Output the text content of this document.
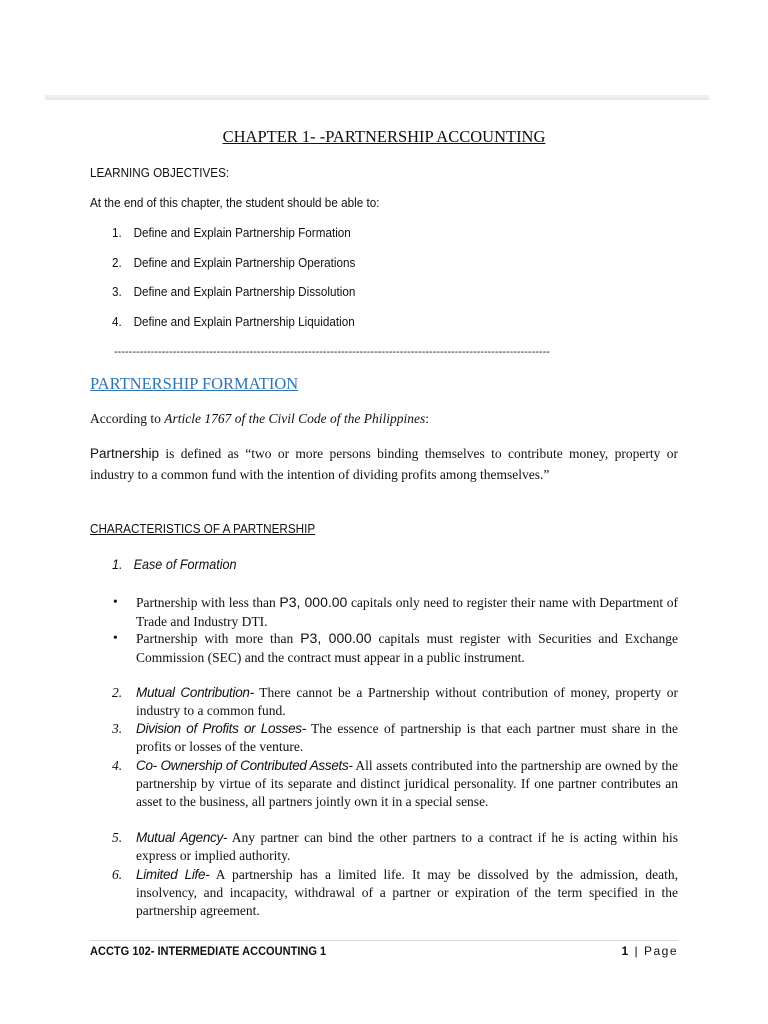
CHAPTER 1- -PARTNERSHIP ACCOUNTING
LEARNING OBJECTIVES:
At the end of this chapter, the student should be able to:
1. Define and Explain Partnership Formation
2. Define and Explain Partnership Operations
3. Define and Explain Partnership Dissolution
4. Define and Explain Partnership Liquidation
-----------------------------------------------------------------------------------------------------------------------
PARTNERSHIP FORMATION
According to Article 1767 of the Civil Code of the Philippines:
Partnership is defined as “two or more persons binding themselves to contribute money, property or industry to a common fund with the intention of dividing profits among themselves.”
CHARACTERISTICS OF A PARTNERSHIP
1. Ease of Formation
• Partnership with less than P3, 000.00 capitals only need to register their name with Department of Trade and Industry DTI.
• Partnership with more than P3, 000.00 capitals must register with Securities and Exchange Commission (SEC) and the contract must appear in a public instrument.
2. Mutual Contribution- There cannot be a Partnership without contribution of money, property or industry to a common fund.
3. Division of Profits or Losses- The essence of partnership is that each partner must share in the profits or losses of the venture.
4. Co- Ownership of Contributed Assets- All assets contributed into the partnership are owned by the partnership by virtue of its separate and distinct juridical personality. If one partner contributes an asset to the business, all partners jointly own it in a special sense.
5. Mutual Agency- Any partner can bind the other partners to a contract if he is acting within his express or implied authority.
6. Limited Life- A partnership has a limited life. It may be dissolved by the admission, death, insolvency, and incapacity, withdrawal of a partner or expiration of the term specified in the partnership agreement.
ACCTG 102- INTERMEDIATE ACCOUNTING 1	1 | Page
